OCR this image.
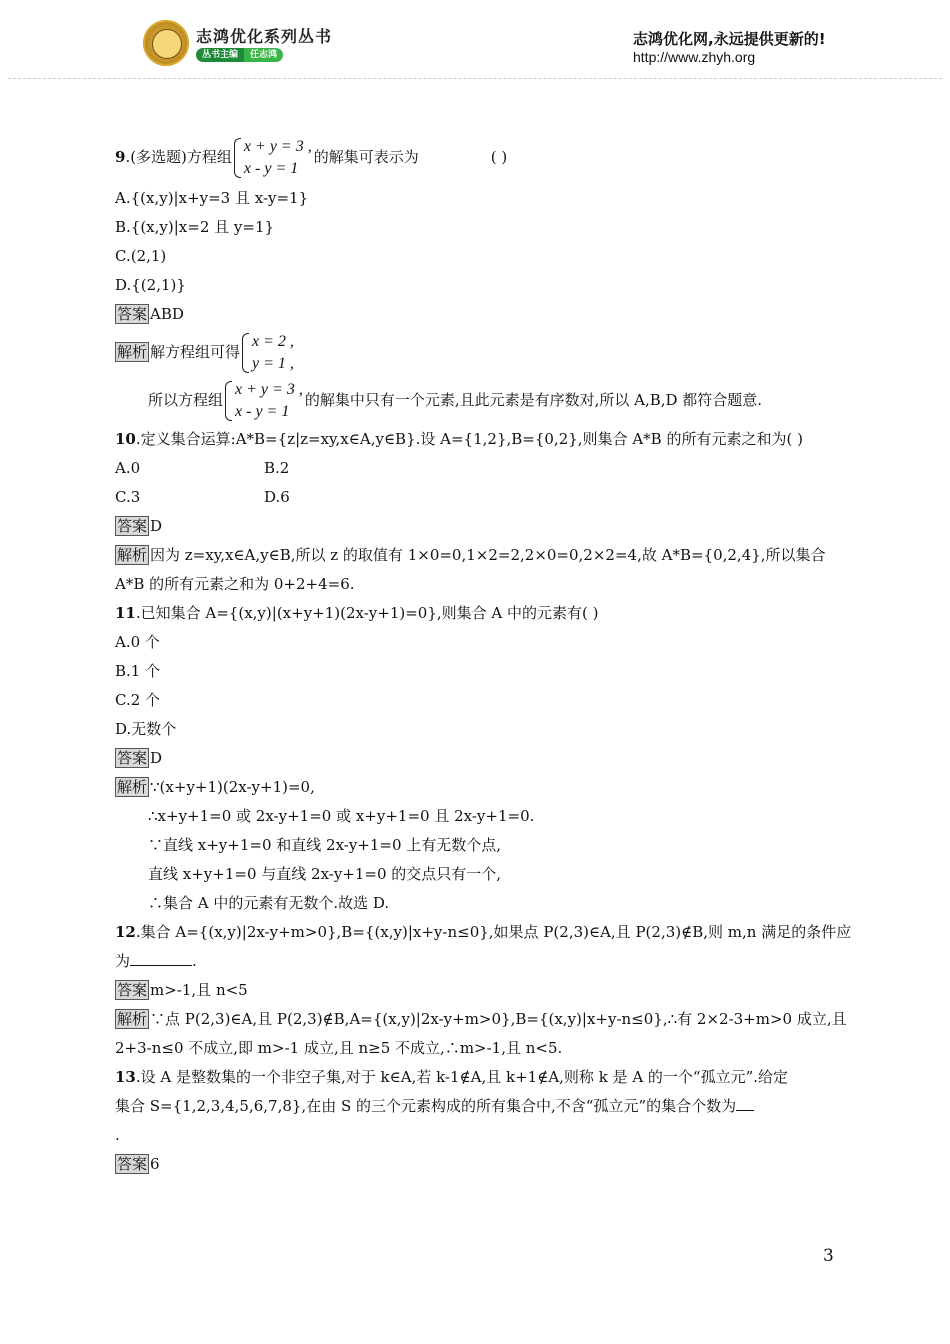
志鸿优化系列丛书
丛书主编	任志鸿
志鸿优化网,永远提供更新的!
http://www.zhyh.org
9.(多选题)方程组
x + y = 3 ,
x - y = 1
的解集可表示为	( )
A.{(x,y)|x+y=3 且 x-y=1}
B.{(x,y)|x=2 且 y=1}
C.(2,1)
D.{(2,1)}
答案 ABD
解析 解方程组可得
x = 2 ,
y = 1 ,
所以方程组
x + y = 3 ,
x - y = 1
的解集中只有一个元素,且此元素是有序数对,所以 A,B,D 都符合题意.
10.定义集合运算:A*B={z|z=xy,x∈A,y∈B}.设 A={1,2},B={0,2},则集合 A*B 的所有元素之和为( )
A.0	B.2
C.3	D.6
答案 D
解析 因为 z=xy,x∈A,y∈B,所以 z 的取值有 1×0=0,1×2=2,2×0=0,2×2=4,故 A*B={0,2,4},所以集合
A*B 的所有元素之和为 0+2+4=6.
11.已知集合 A={(x,y)|(x+y+1)(2x-y+1)=0},则集合 A 中的元素有( )
A.0 个
B.1 个
C.2 个
D.无数个
答案 D
解析 ∵(x+y+1)(2x-y+1)=0,
∴x+y+1=0 或 2x-y+1=0 或 x+y+1=0 且 2x-y+1=0.
∵直线 x+y+1=0 和直线 2x-y+1=0 上有无数个点,
直线 x+y+1=0 与直线 2x-y+1=0 的交点只有一个,
∴集合 A 中的元素有无数个.故选 D.
12.集合 A={(x,y)|2x-y+m>0},B={(x,y)|x+y-n≤0},如果点 P(2,3)∈A,且 P(2,3)∉B,则 m,n 满足的条件应
为	.
答案 m>-1,且 n<5
解析 ∵点 P(2,3)∈A,且 P(2,3)∉B,A={(x,y)|2x-y+m>0},B={(x,y)|x+y-n≤0},∴有 2×2-3+m>0 成立,且
2+3-n≤0 不成立,即 m>-1 成立,且 n≥5 不成立,∴m>-1,且 n<5.
13.设 A 是整数集的一个非空子集,对于 k∈A,若 k-1∉A,且 k+1∉A,则称 k 是 A 的一个“孤立元”.给定
集合 S={1,2,3,4,5,6,7,8},在由 S 的三个元素构成的所有集合中,不含“孤立元”的集合个数为
.
答案 6
3
